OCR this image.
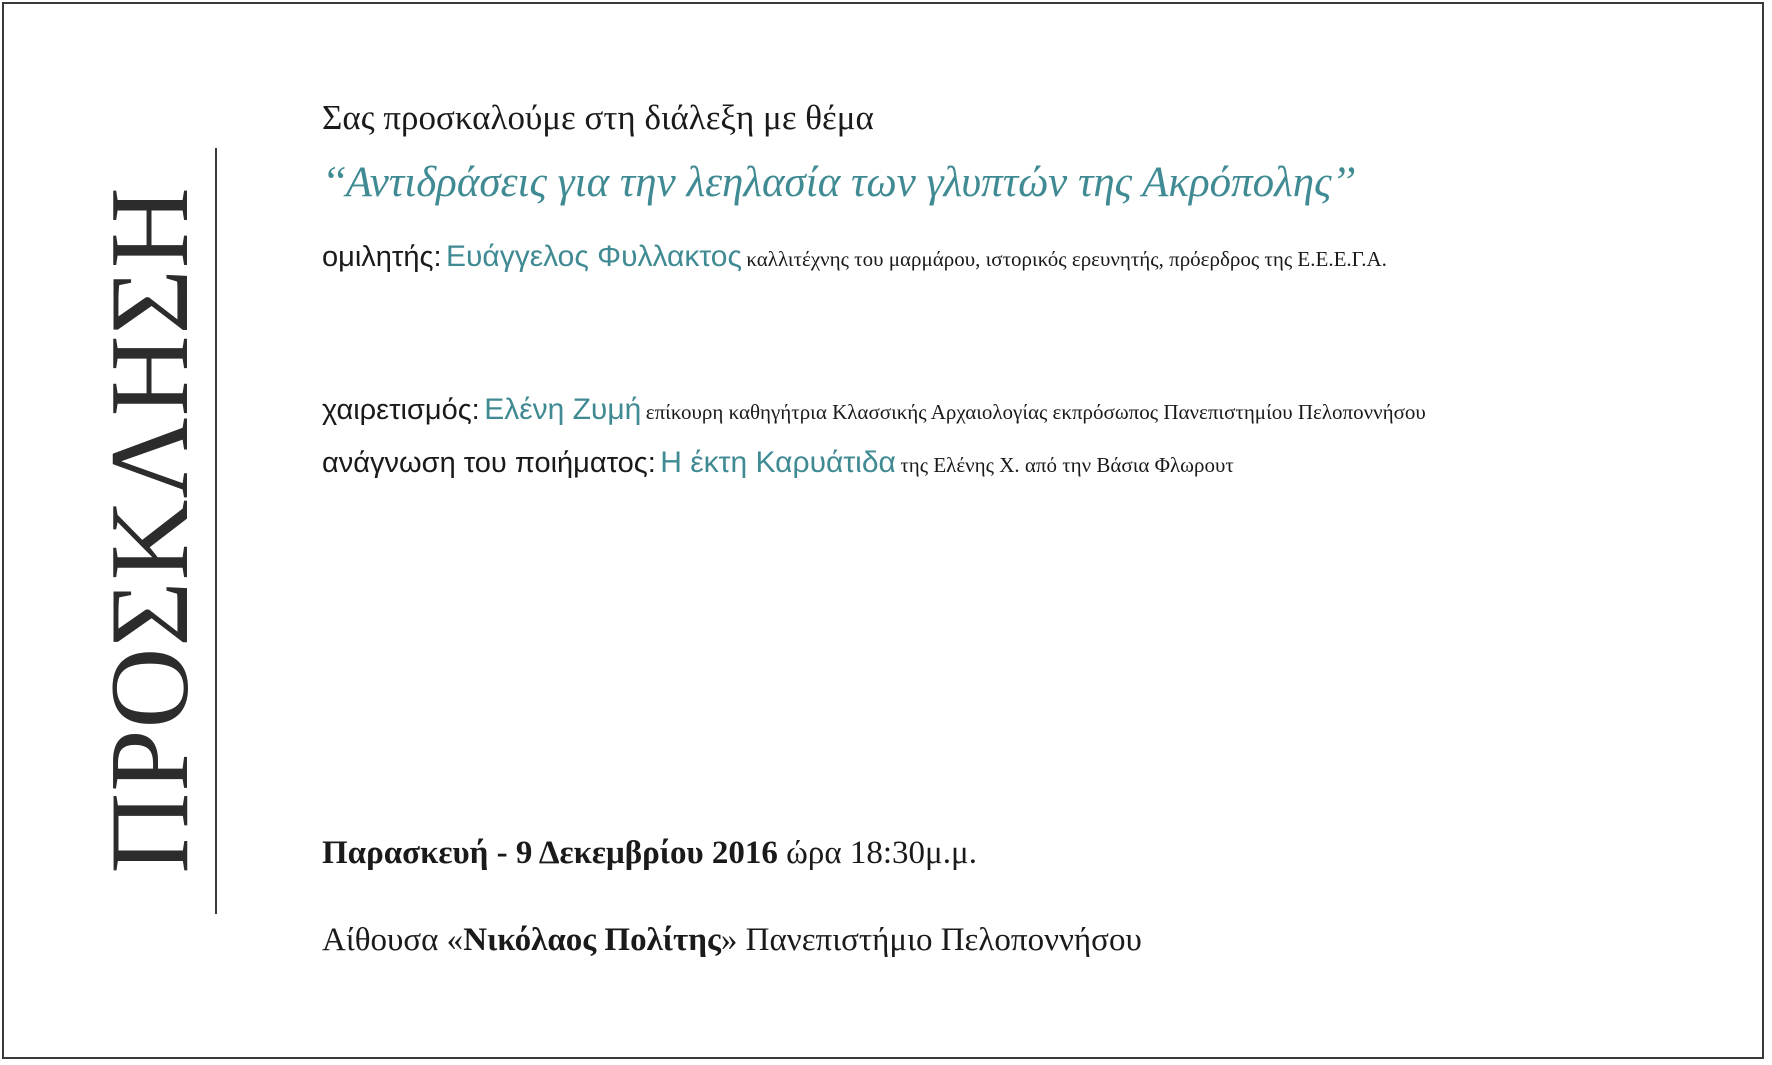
ΠΡΟΣΚΛΗΣΗ
Σας προσκαλούμε στη διάλεξη με θέμα
‘‘Αντιδράσεις για την λεηλασία των γλυπτών της Ακρόπολης’’
ομιλητής: Ευάγγελος Φυλλακτος καλλιτέχνης του μαρμάρου, ιστορικός ερευνητής, πρόερδρος της Ε.Ε.Ε.Γ.Α.
χαιρετισμός: Ελένη Ζυμή επίκουρη καθηγήτρια Κλασσικής Αρχαιολογίας εκπρόσωπος Πανεπιστημίου Πελοποννήσου
ανάγνωση του ποιήματος: Η έκτη Καρυάτιδα της Ελένης Χ. από την Βάσια Φλωρουτ
Παρασκευή - 9 Δεκεμβρίου 2016 ώρα 18:30μ.μ.
Αίθουσα «Νικόλαος Πολίτης» Πανεπιστήμιο Πελοποννήσου
